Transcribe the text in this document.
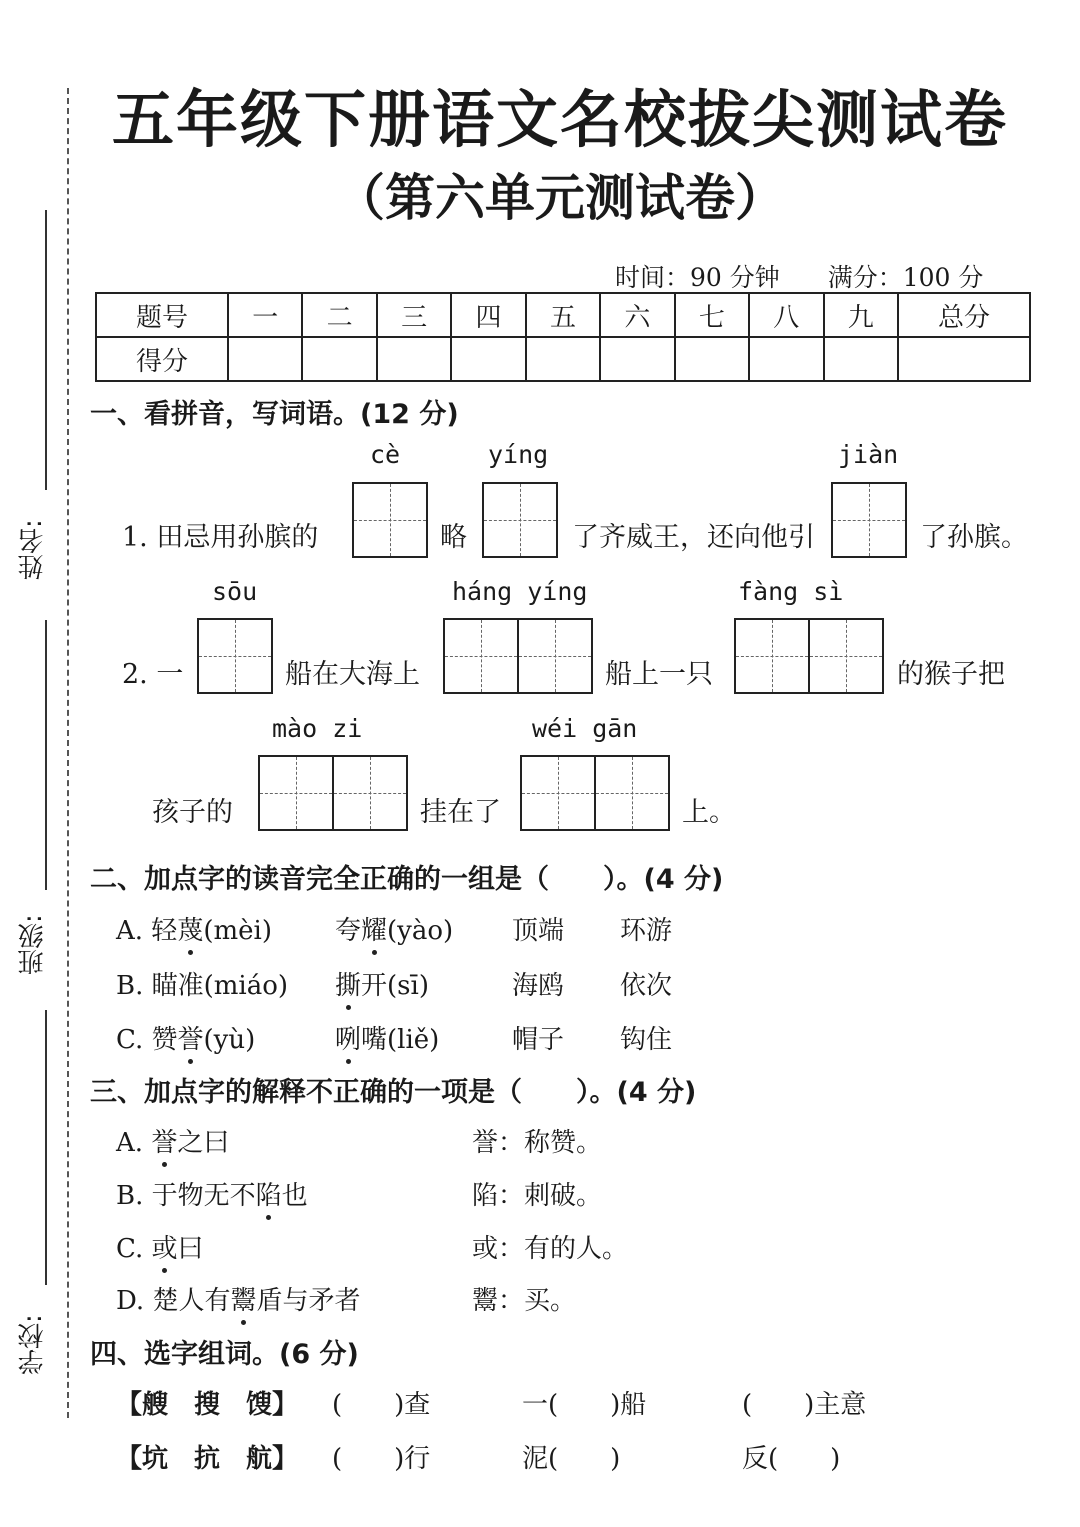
姓名:
班级:
学校:
五年级下册语文名校拔尖测试卷
（第六单元测试卷）
时间：90 分钟 满分：100 分
题号	一	二	三	四	五	六	七	八	九	总分
得分										
一、看拼音，写词语。(12 分)
cè	yíng	jiàn
1. 田忌用孙膑的	略	了齐威王，还向他引	了孙膑。
sōu	háng yíng	fàng sì
2. 一	船在大海上	船上一只	的猴子把
mào zi	wéi gān
孩子的	挂在了	上。
二、加点字的读音完全正确的一组是（　　）。(4 分)
A. 轻蔑(mèi) 夸耀(yào) 顶端 环游
B. 瞄准(miáo) 撕开(sī)	海鸥 依次
C. 赞誉(yù)	咧嘴(liě)	帽子 钩住
三、加点字的解释不正确的一项是（　　）。(4 分)
A. 誉之曰	誉：称赞。
B. 于物无不陷也	陷：刺破。
C. 或曰	或：有的人。
D. 楚人有鬻盾与矛者	鬻：买。
四、选字组词。(6 分)
【艘　搜　馊】 (　　)查	一(　　)船	(　　)主意
【坑　抗　航】 (　　)行	泥(　　)	反(　　)
